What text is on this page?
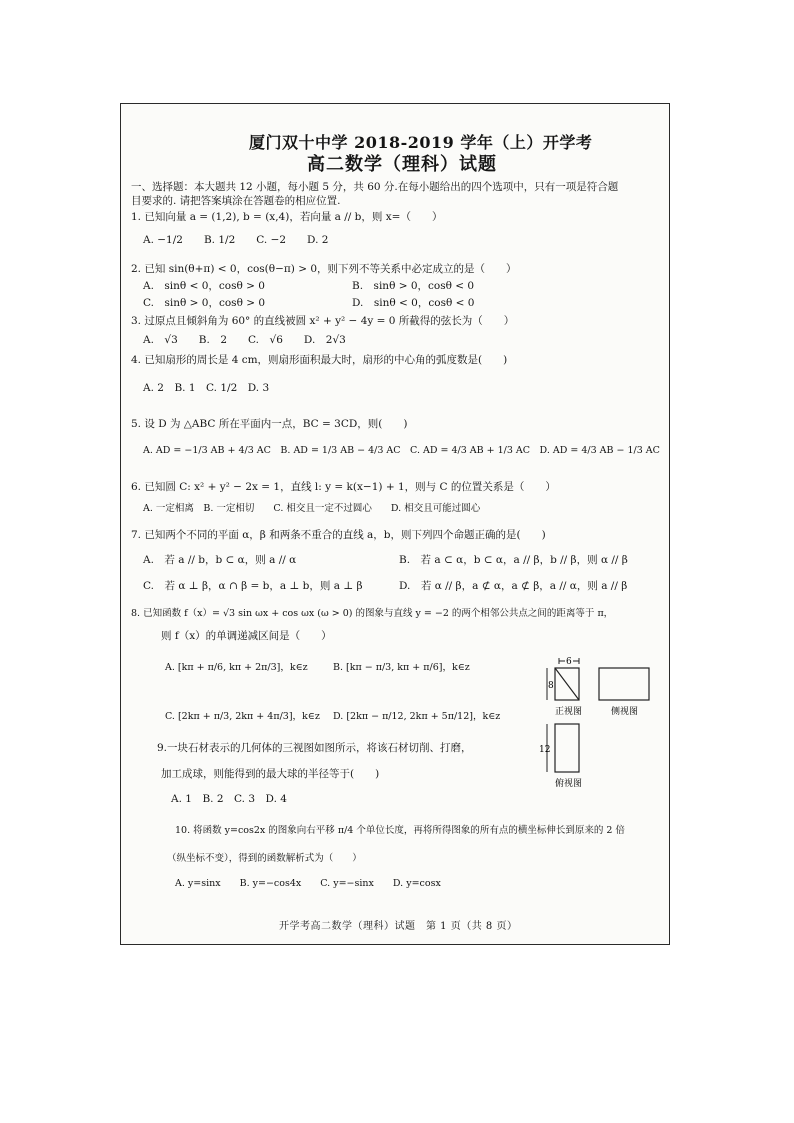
厦门双十中学 2018-2019 学年（上）开学考
高二数学（理科）试题
一、选择题：本大题共 12 小题，每小题 5 分，共 60 分.在每小题给出的四个选项中，只有一项是符合题
目要求的. 请把答案填涂在答题卷的相应位置.
1. 已知向量 a = (1,2), b = (x,4)，若向量 a // b，则 x=（　　）
A. −1/2　　B. 1/2　　C. −2　　D. 2
2. 已知 sin(θ+π) < 0，cos(θ−π) > 0，则下列不等关系中必定成立的是（　　）
A.　sinθ < 0，cosθ > 0	B.　sinθ > 0，cosθ < 0
C.　sinθ > 0，cosθ > 0	D.　sinθ < 0，cosθ < 0
3. 过原点且倾斜角为 60° 的直线被圆 x² + y² − 4y = 0 所截得的弦长为（　　）
A.　√3　　B.　2　　C.　√6　　D.　2√3
4. 已知扇形的周长是 4 cm，则扇形面积最大时，扇形的中心角的弧度数是(　　)
A. 2　B. 1　C. 1/2　D. 3
5. 设 D 为 △ABC 所在平面内一点，BC = 3CD，则(　　)
A. AD = −1/3 AB + 4/3 AC　B. AD = 1/3 AB − 4/3 AC　C. AD = 4/3 AB + 1/3 AC　D. AD = 4/3 AB − 1/3 AC
6. 已知圆 C: x² + y² − 2x = 1，直线 l: y = k(x−1) + 1，则与 C 的位置关系是（　　）
A. 一定相离　B. 一定相切　　C. 相交且一定不过圆心　　D. 相交且可能过圆心
7. 已知两个不同的平面 α，β 和两条不重合的直线 a，b，则下列四个命题正确的是(　　)
A.　若 a // b，b ⊂ α，则 a // α	B.　若 a ⊂ α，b ⊂ α，a // β，b // β，则 α // β
C.　若 α ⊥ β，α ∩ β = b，a ⊥ b，则 a ⊥ β	D.　若 α // β，a ⊄ α，a ⊄ β，a // α，则 a // β
8. 已知函数 f（x）= √3 sin ωx + cos ωx (ω > 0) 的图象与直线 y = −2 的两个相邻公共点之间的距离等于 π，
则 f（x）的单调递减区间是（　　）
A. [kπ + π/6, kπ + 2π/3]，k∈z	B. [kπ − π/3, kπ + π/6]，k∈z
C. [2kπ + π/3, 2kπ + 4π/3]，k∈z D. [2kπ − π/12, 2kπ + 5π/12]，k∈z
9.一块石材表示的几何体的三视图如图所示，将该石材切削、打磨，
加工成球，则能得到的最大球的半径等于(　　)
A. 1　B. 2　C. 3　D. 4
10. 将函数 y=cos2x 的图象向右平移 π/4 个单位长度，再将所得图象的所有点的横坐标伸长到原来的 2 倍
（纵坐标不变），得到的函数解析式为（　　）
A. y=sinx　　B. y=−cos4x　　C. y=−sinx　　D. y=cosx
6
8
正视图	侧视图
12
俯视图
开学考高二数学（理科）试题　第 1 页（共 8 页）
